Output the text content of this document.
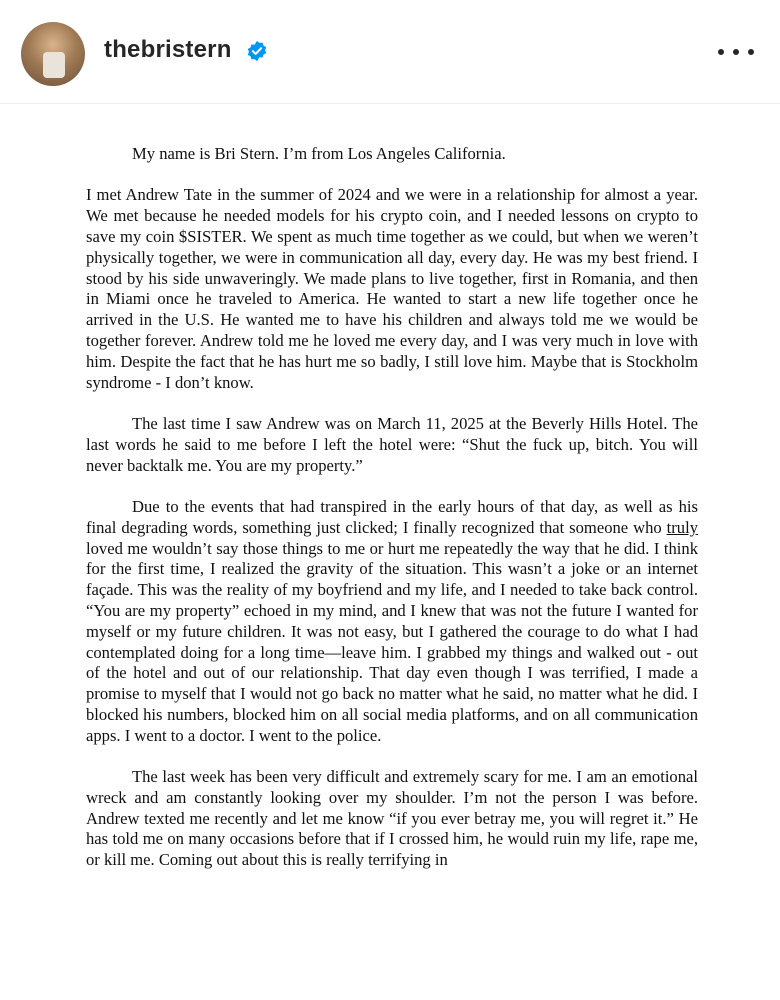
thebristern

My name is Bri Stern. I’m from Los Angeles California.

I met Andrew Tate in the summer of 2024 and we were in a relationship for almost a year. We met because he needed models for his crypto coin, and I needed lessons on crypto to save my coin $SISTER. We spent as much time together as we could, but when we weren’t physically together, we were in communication all day, every day. He was my best friend. I stood by his side unwaveringly. We made plans to live together, first in Romania, and then in Miami once he traveled to America. He wanted to start a new life together once he arrived in the U.S. He wanted me to have his children and always told me we would be together forever. Andrew told me he loved me every day, and I was very much in love with him. Despite the fact that he has hurt me so badly, I still love him. Maybe that is Stockholm syndrome - I don’t know.

The last time I saw Andrew was on March 11, 2025 at the Beverly Hills Hotel. The last words he said to me before I left the hotel were: “Shut the fuck up, bitch. You will never backtalk me. You are my property.”

Due to the events that had transpired in the early hours of that day, as well as his final degrading words, something just clicked; I finally recognized that someone who truly loved me wouldn’t say those things to me or hurt me repeatedly the way that he did. I think for the first time, I realized the gravity of the situation. This wasn’t a joke or an internet façade. This was the reality of my boyfriend and my life, and I needed to take back control. “You are my property” echoed in my mind, and I knew that was not the future I wanted for myself or my future children. It was not easy, but I gathered the courage to do what I had contemplated doing for a long time—leave him. I grabbed my things and walked out - out of the hotel and out of our relationship. That day even though I was terrified, I made a promise to myself that I would not go back no matter what he said, no matter what he did. I blocked his numbers, blocked him on all social media platforms, and on all communication apps. I went to a doctor. I went to the police.

The last week has been very difficult and extremely scary for me. I am an emotional wreck and am constantly looking over my shoulder. I’m not the person I was before. Andrew texted me recently and let me know “if you ever betray me, you will regret it.” He has told me on many occasions before that if I crossed him, he would ruin my life, rape me, or kill me. Coming out about this is really terrifying in
